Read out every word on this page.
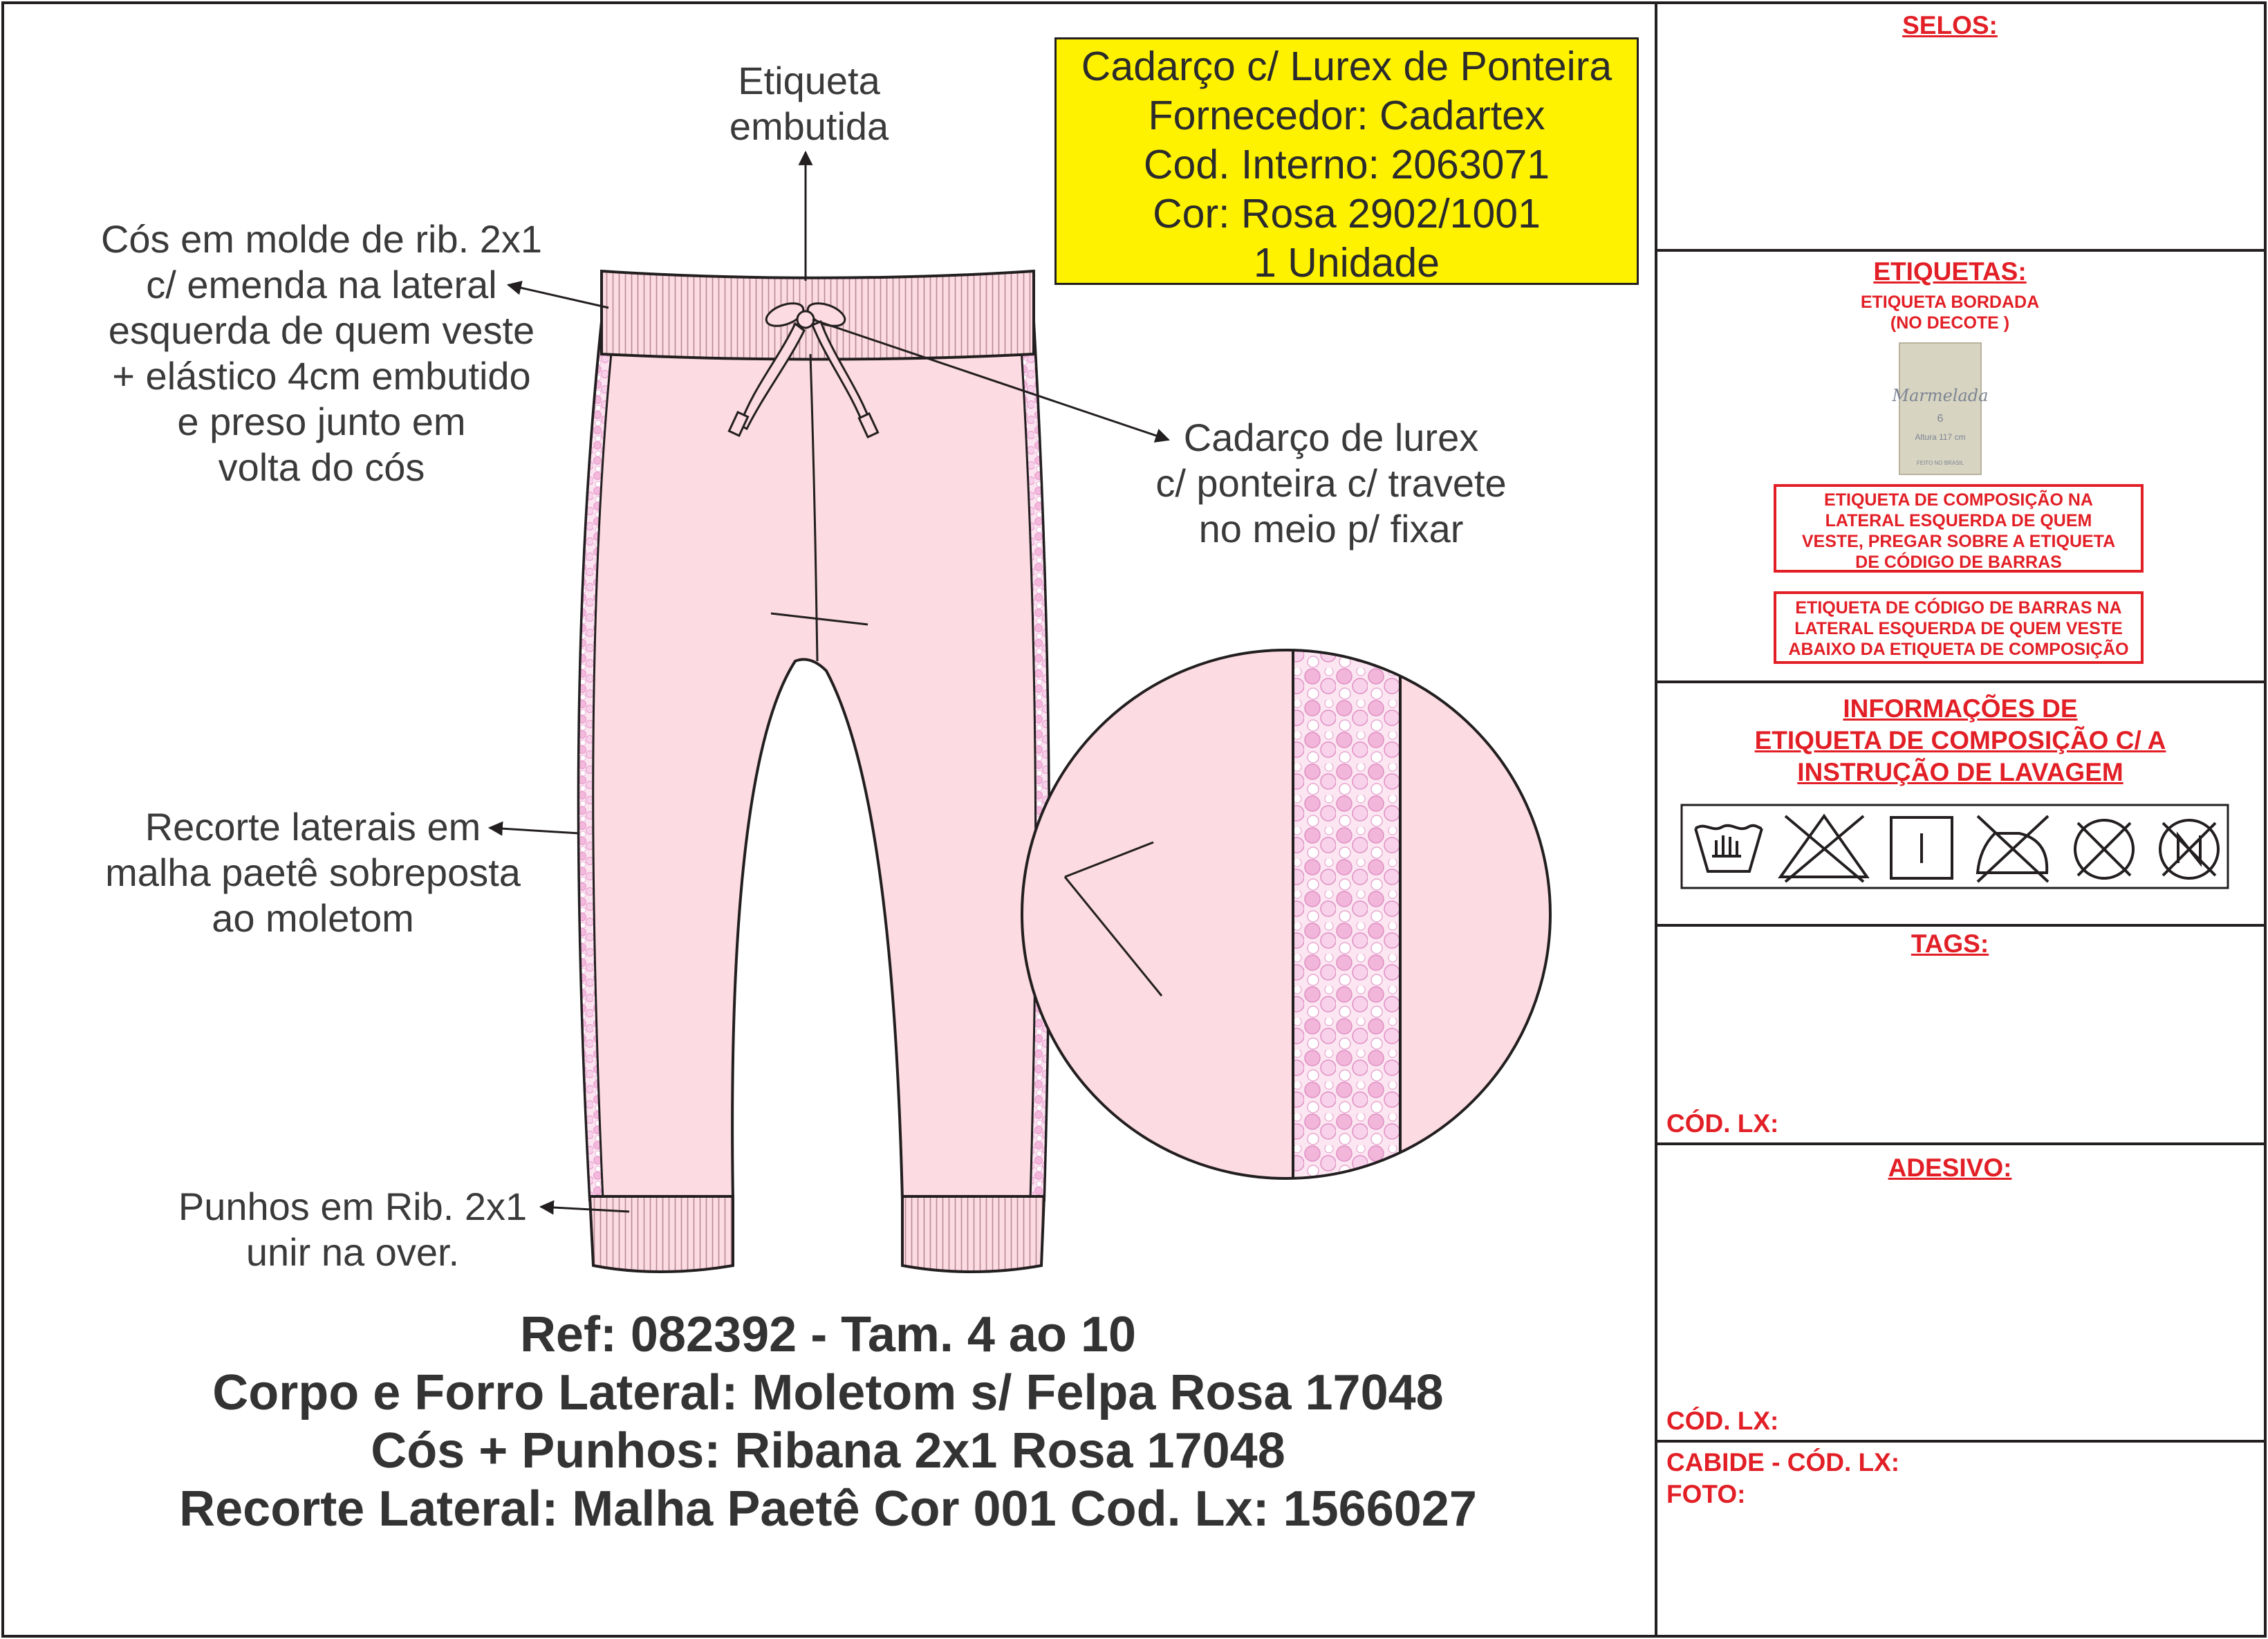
Marmelada
6
Altura 117 cm
FEITO NO BRASIL
Cadarço c/ Lurex de Ponteira
Fornecedor: Cadartex
Cod. Interno: 2063071
Cor: Rosa 2902/1001
1 Unidade
Etiqueta
embutida
Cós em molde de rib. 2x1
c/ emenda na lateral
esquerda de quem veste
+ elástico 4cm embutido
e preso junto em
volta do cós
Cadarço de lurex
c/ ponteira c/ travete
no meio p/ fixar
Recorte laterais em
malha paetê sobreposta
ao moletom
Punhos em Rib. 2x1
unir na over.
Ref: 082392 - Tam. 4 ao 10
Corpo e Forro Lateral: Moletom s/ Felpa Rosa 17048
Cós + Punhos: Ribana 2x1 Rosa 17048
Recorte Lateral: Malha Paetê Cor 001 Cod. Lx: 1566027
SELOS:
ETIQUETAS:
ETIQUETA BORDADA
(NO DECOTE )
ETIQUETA DE COMPOSIÇÃO NA
LATERAL ESQUERDA DE QUEM
VESTE, PREGAR SOBRE A ETIQUETA
DE CÓDIGO DE BARRAS
ETIQUETA DE CÓDIGO DE BARRAS NA
LATERAL ESQUERDA DE QUEM VESTE
ABAIXO DA ETIQUETA DE COMPOSIÇÃO
INFORMAÇÕES DE
ETIQUETA DE COMPOSIÇÃO C/ A
INSTRUÇÃO DE LAVAGEM
TAGS:
CÓD. LX:
ADESIVO:
CÓD. LX:
CABIDE - CÓD. LX:
FOTO:
